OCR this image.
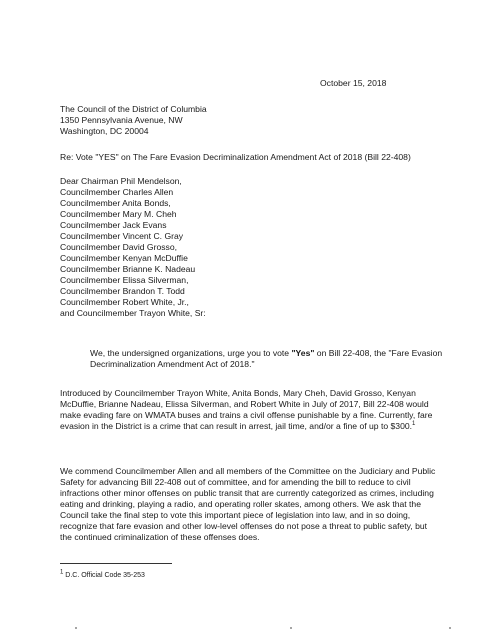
October 15, 2018
The Council of the District of Columbia
1350 Pennsylvania Avenue, NW
Washington, DC 20004
Re: Vote "YES" on The Fare Evasion Decriminalization Amendment Act of 2018 (Bill 22-408)
Dear Chairman Phil Mendelson,
Councilmember Charles Allen
Councilmember Anita Bonds,
Councilmember Mary M. Cheh
Councilmember Jack Evans
Councilmember Vincent C. Gray
Councilmember David Grosso,
Councilmember Kenyan McDuffie
Councilmember Brianne K. Nadeau
Councilmember Elissa Silverman,
Councilmember Brandon T. Todd
Councilmember Robert White, Jr.,
and Councilmember Trayon White, Sr:
We, the undersigned organizations, urge you to vote "Yes" on Bill 22-408, the "Fare Evasion Decriminalization Amendment Act of 2018."
Introduced by Councilmember Trayon White, Anita Bonds, Mary Cheh, David Grosso, Kenyan McDuffie, Brianne Nadeau, Elissa Silverman, and Robert White in July of 2017, Bill 22-408 would make evading fare on WMATA buses and trains a civil offense punishable by a fine. Currently, fare evasion in the District is a crime that can result in arrest, jail time, and/or a fine of up to $300.$^1$
We commend Councilmember Allen and all members of the Committee on the Judiciary and Public Safety for advancing Bill 22-408 out of committee, and for amending the bill to reduce to civil infractions other minor offenses on public transit that are currently categorized as crimes, including eating and drinking, playing a radio, and operating roller skates, among others. We ask that the Council take the final step to vote this important piece of legislation into law, and in so doing, recognize that fare evasion and other low-level offenses do not pose a threat to public safety, but the continued criminalization of these offenses does.
$^1$ D.C. Official Code 35-253
